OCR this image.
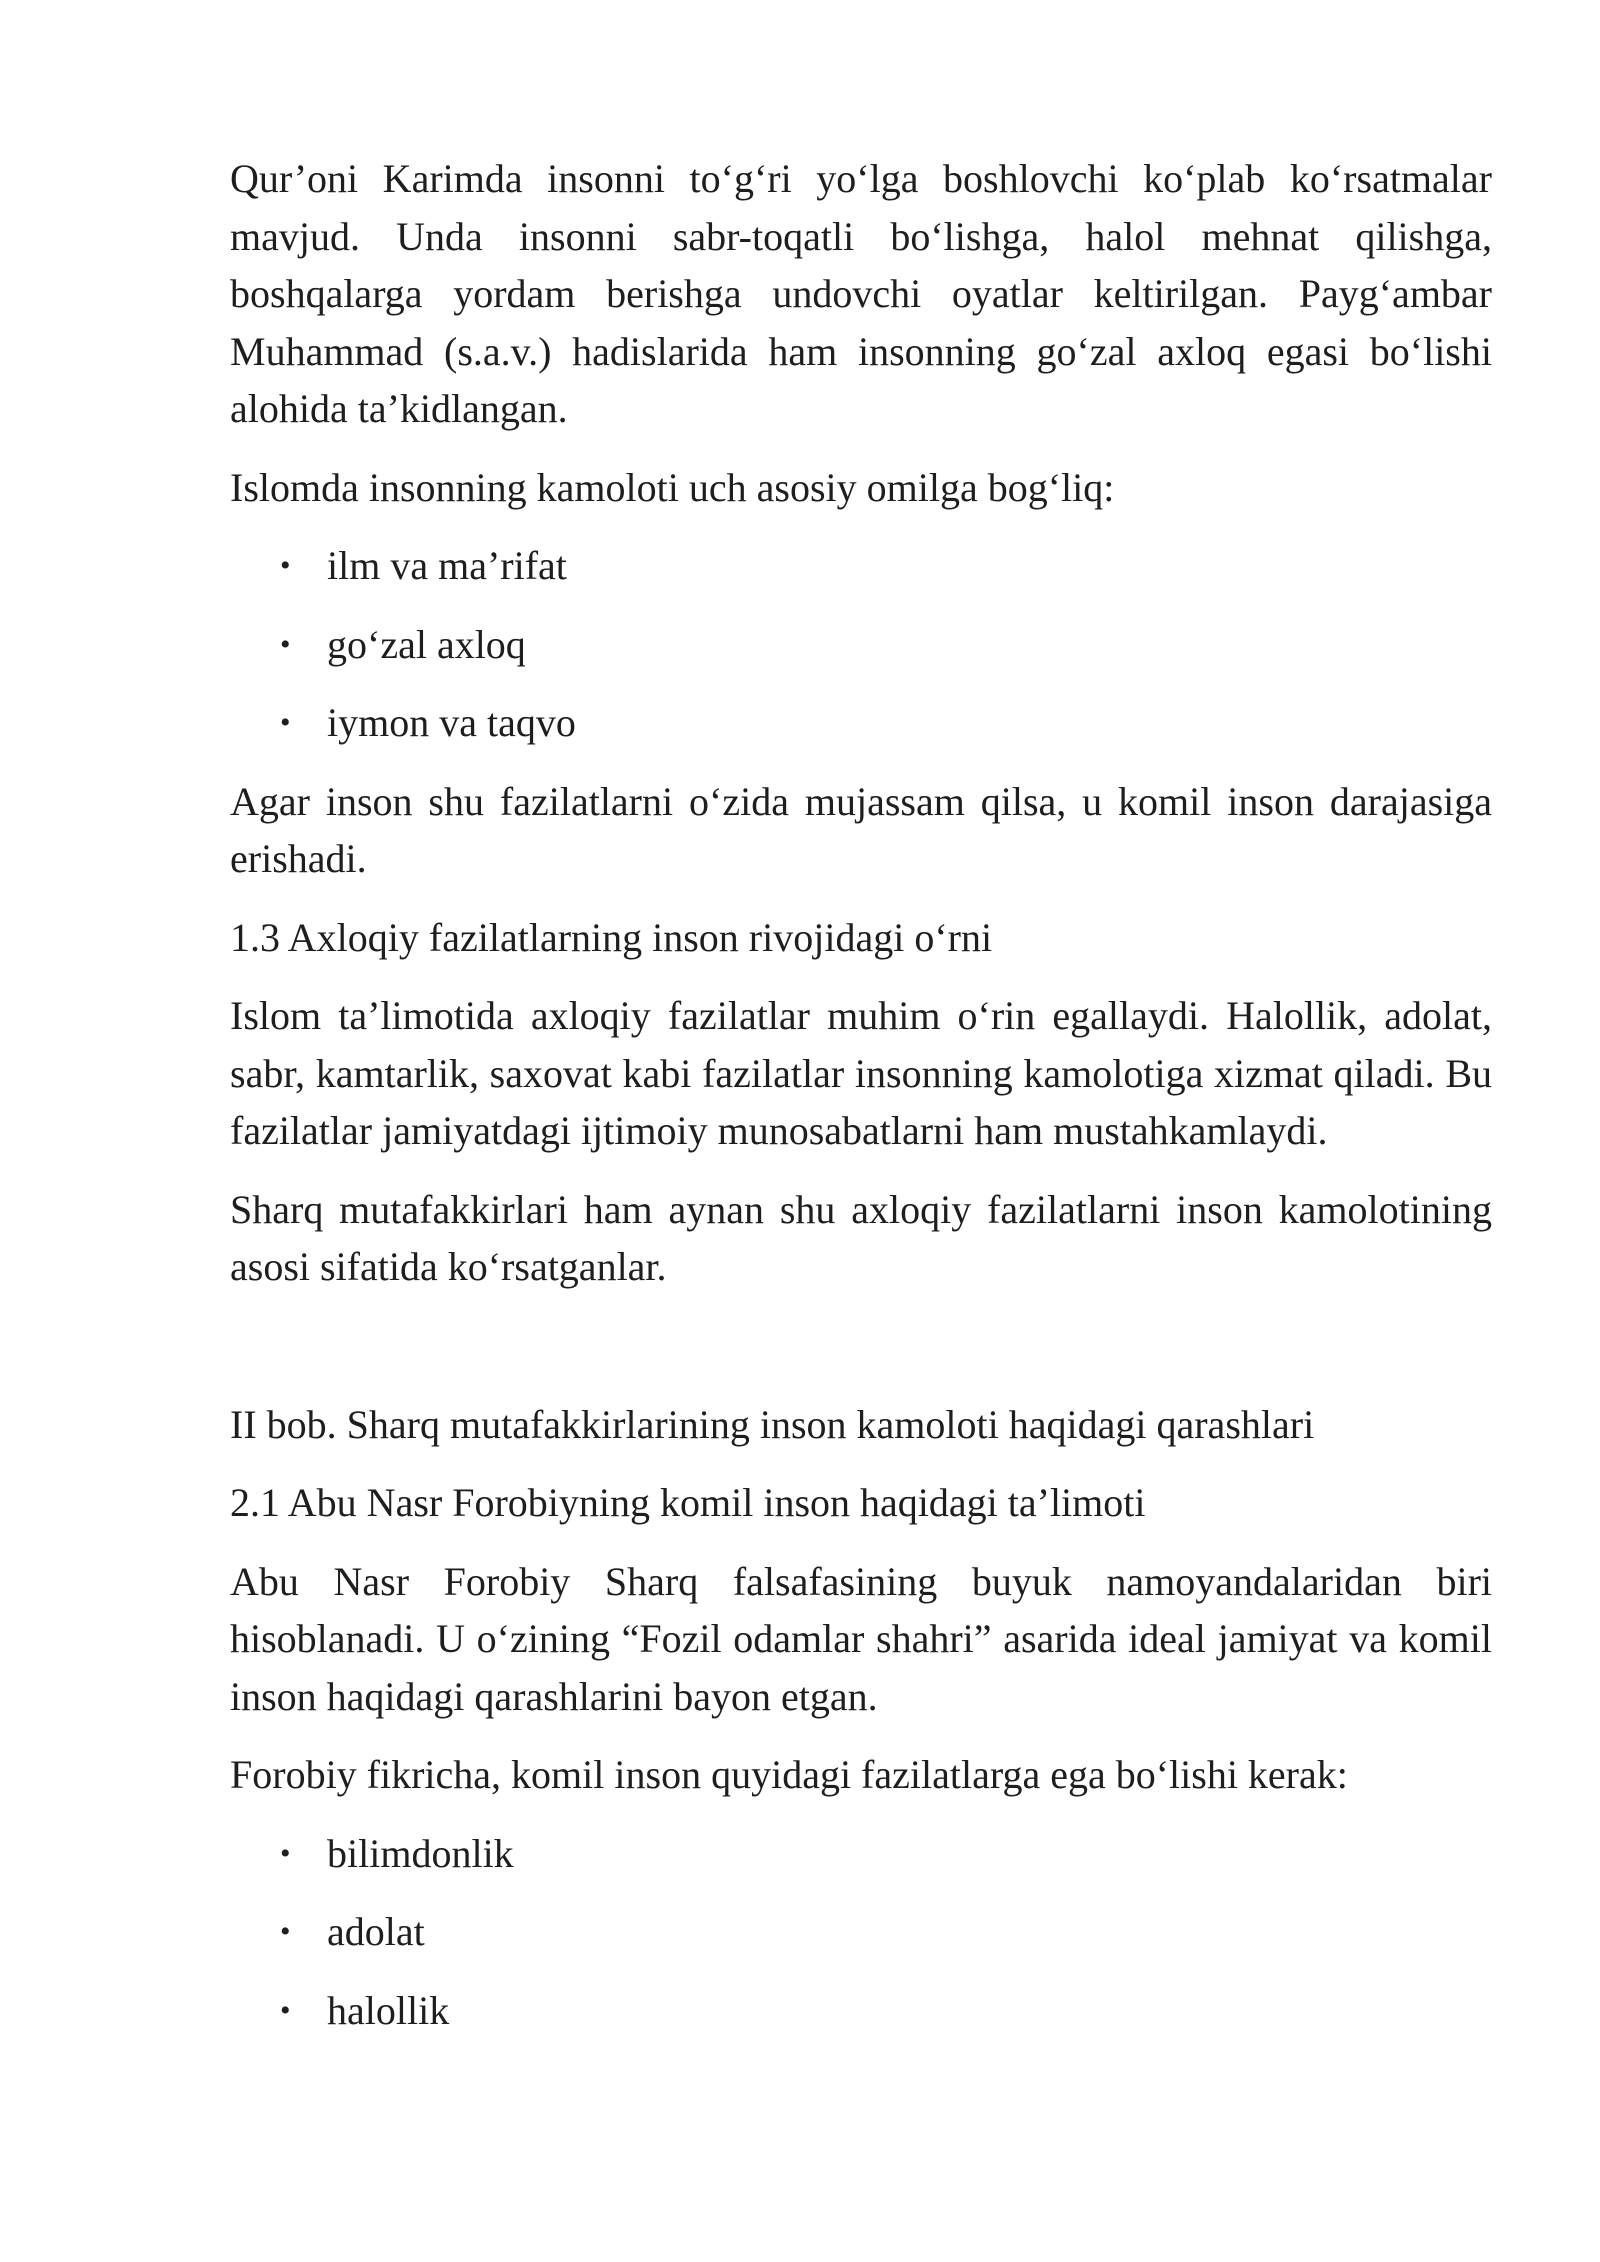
Qur’oni Karimda insonni to‘g‘ri yo‘lga boshlovchi ko‘plab ko‘rsatmalar mavjud. Unda insonni sabr-toqatli bo‘lishga, halol mehnat qilishga, boshqalarga yordam berishga undovchi oyatlar keltirilgan. Payg‘ambar Muhammad (s.a.v.) hadislarida ham insonning go‘zal axloq egasi bo‘lishi alohida ta’kidlangan.

Islomda insonning kamoloti uch asosiy omilga bog‘liq:

• ilm va ma’rifat
• go‘zal axloq
• iymon va taqvo

Agar inson shu fazilatlarni o‘zida mujassam qilsa, u komil inson darajasiga erishadi.

1.3 Axloqiy fazilatlarning inson rivojidagi o‘rni

Islom ta’limotida axloqiy fazilatlar muhim o‘rin egallaydi. Halollik, adolat, sabr, kamtarlik, saxovat kabi fazilatlar insonning kamolotiga xizmat qiladi. Bu fazilatlar jamiyatdagi ijtimoiy munosabatlarni ham mustahkamlaydi.

Sharq mutafakkirlari ham aynan shu axloqiy fazilatlarni inson kamolotining asosi sifatida ko‘rsatganlar.

II bob. Sharq mutafakkirlarining inson kamoloti haqidagi qarashlari

2.1 Abu Nasr Forobiyning komil inson haqidagi ta’limoti

Abu Nasr Forobiy Sharq falsafasining buyuk namoyandalaridan biri hisoblanadi. U o‘zining “Fozil odamlar shahri” asarida ideal jamiyat va komil inson haqidagi qarashlarini bayon etgan.

Forobiy fikricha, komil inson quyidagi fazilatlarga ega bo‘lishi kerak:

• bilimdonlik
• adolat
• halollik
